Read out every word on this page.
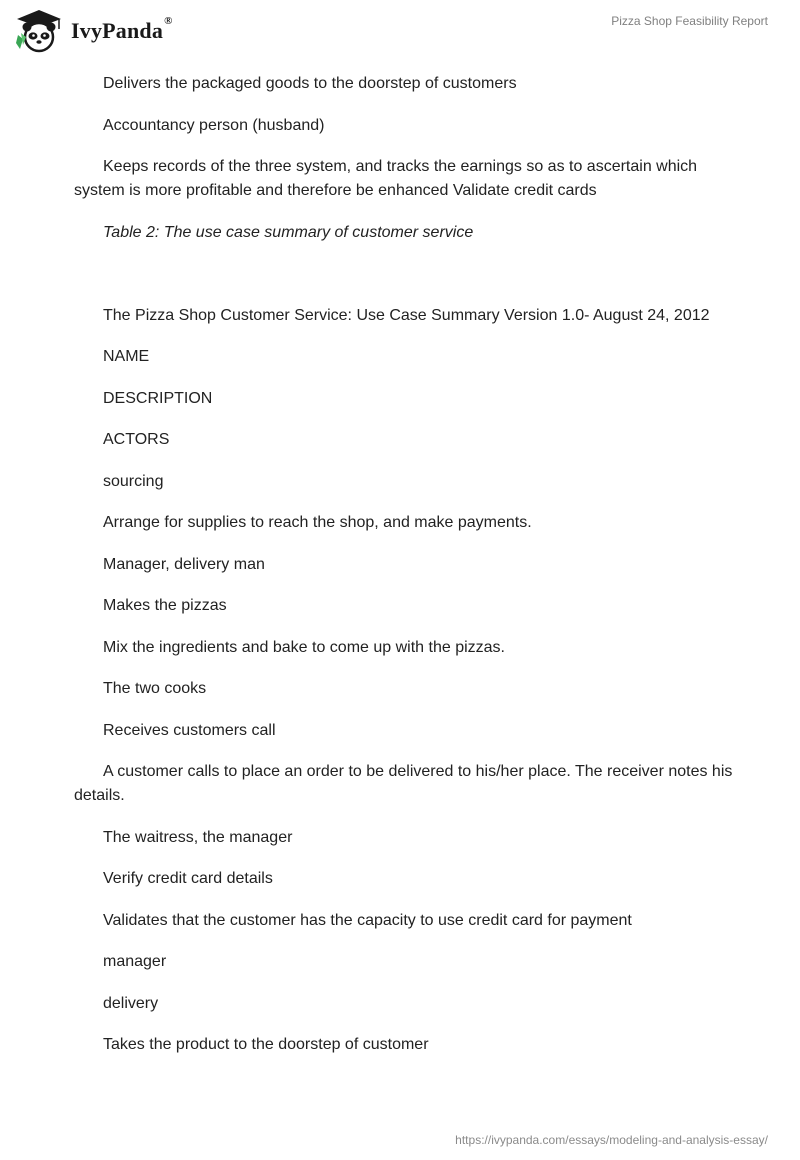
IvyPanda®	Pizza Shop Feasibility Report

Delivers the packaged goods to the doorstep of customers

Accountancy person (husband)

Keeps records of the three system, and tracks the earnings so as to ascertain which system is more profitable and therefore be enhanced Validate credit cards

Table 2: The use case summary of customer service

The Pizza Shop Customer Service: Use Case Summary Version 1.0- August 24, 2012

NAME

DESCRIPTION

ACTORS

sourcing

Arrange for supplies to reach the shop, and make payments.

Manager, delivery man

Makes the pizzas

Mix the ingredients and bake to come up with the pizzas.

The two cooks

Receives customers call

A customer calls to place an order to be delivered to his/her place. The receiver notes his details.

The waitress, the manager

Verify credit card details

Validates that the customer has the capacity to use credit card for payment

manager

delivery

Takes the product to the doorstep of customer

https://ivypanda.com/essays/modeling-and-analysis-essay/
